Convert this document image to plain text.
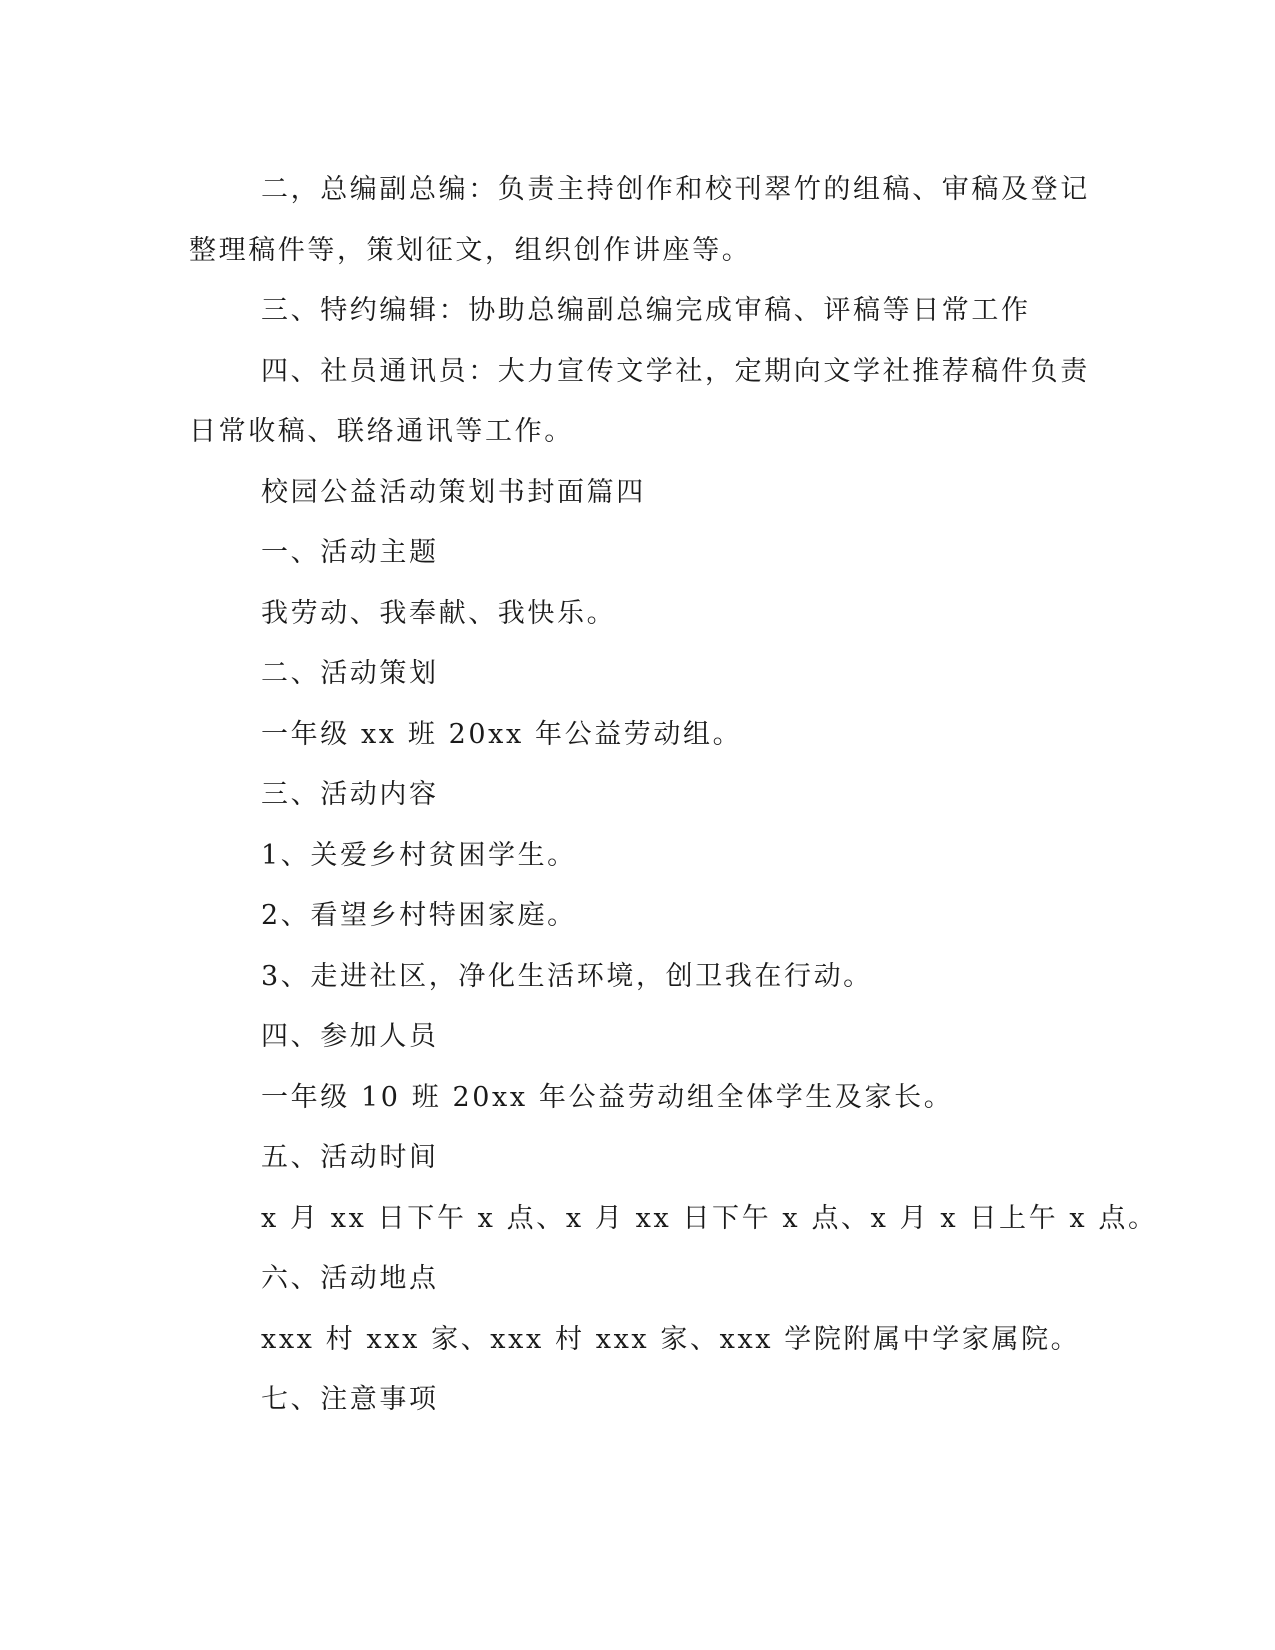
二，总编副总编：负责主持创作和校刊翠竹的组稿、审稿及登记
整理稿件等，策划征文，组织创作讲座等。

三、特约编辑：协助总编副总编完成审稿、评稿等日常工作

四、社员通讯员：大力宣传文学社，定期向文学社推荐稿件负责
日常收稿、联络通讯等工作。

校园公益活动策划书封面篇四

一、活动主题

我劳动、我奉献、我快乐。

二、活动策划

一年级 xx 班 20xx 年公益劳动组。

三、活动内容

1、关爱乡村贫困学生。

2、看望乡村特困家庭。

3、走进社区，净化生活环境，创卫我在行动。

四、参加人员

一年级 10 班 20xx 年公益劳动组全体学生及家长。

五、活动时间

x 月 xx 日下午 x 点、x 月 xx 日下午 x 点、x 月 x 日上午 x 点。

六、活动地点

xxx 村 xxx 家、xxx 村 xxx 家、xxx 学院附属中学家属院。

七、注意事项
